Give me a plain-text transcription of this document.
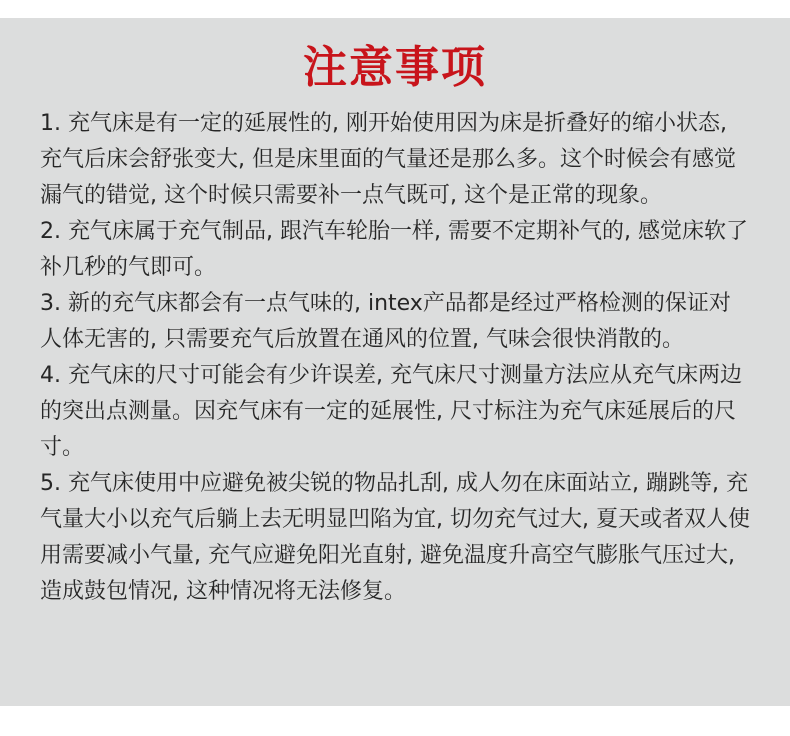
注意事项
1. 充气床是有一定的延展性的, 刚开始使用因为床是折叠好的缩小状态, 充气后床会舒张变大, 但是床里面的气量还是那么多。这个时候会有感觉漏气的错觉, 这个时候只需要补一点气既可, 这个是正常的现象。
2. 充气床属于充气制品, 跟汽车轮胎一样, 需要不定期补气的, 感觉床软了补几秒的气即可。
3. 新的充气床都会有一点气味的, intex产品都是经过严格检测的保证对人体无害的, 只需要充气后放置在通风的位置, 气味会很快消散的。
4. 充气床的尺寸可能会有少许误差, 充气床尺寸测量方法应从充气床两边的突出点测量。因充气床有一定的延展性, 尺寸标注为充气床延展后的尺寸。
5. 充气床使用中应避免被尖锐的物品扎刮, 成人勿在床面站立, 蹦跳等, 充气量大小以充气后躺上去无明显凹陷为宜, 切勿充气过大, 夏天或者双人使用需要减小气量, 充气应避免阳光直射, 避免温度升高空气膨胀气压过大, 造成鼓包情况, 这种情况将无法修复。
